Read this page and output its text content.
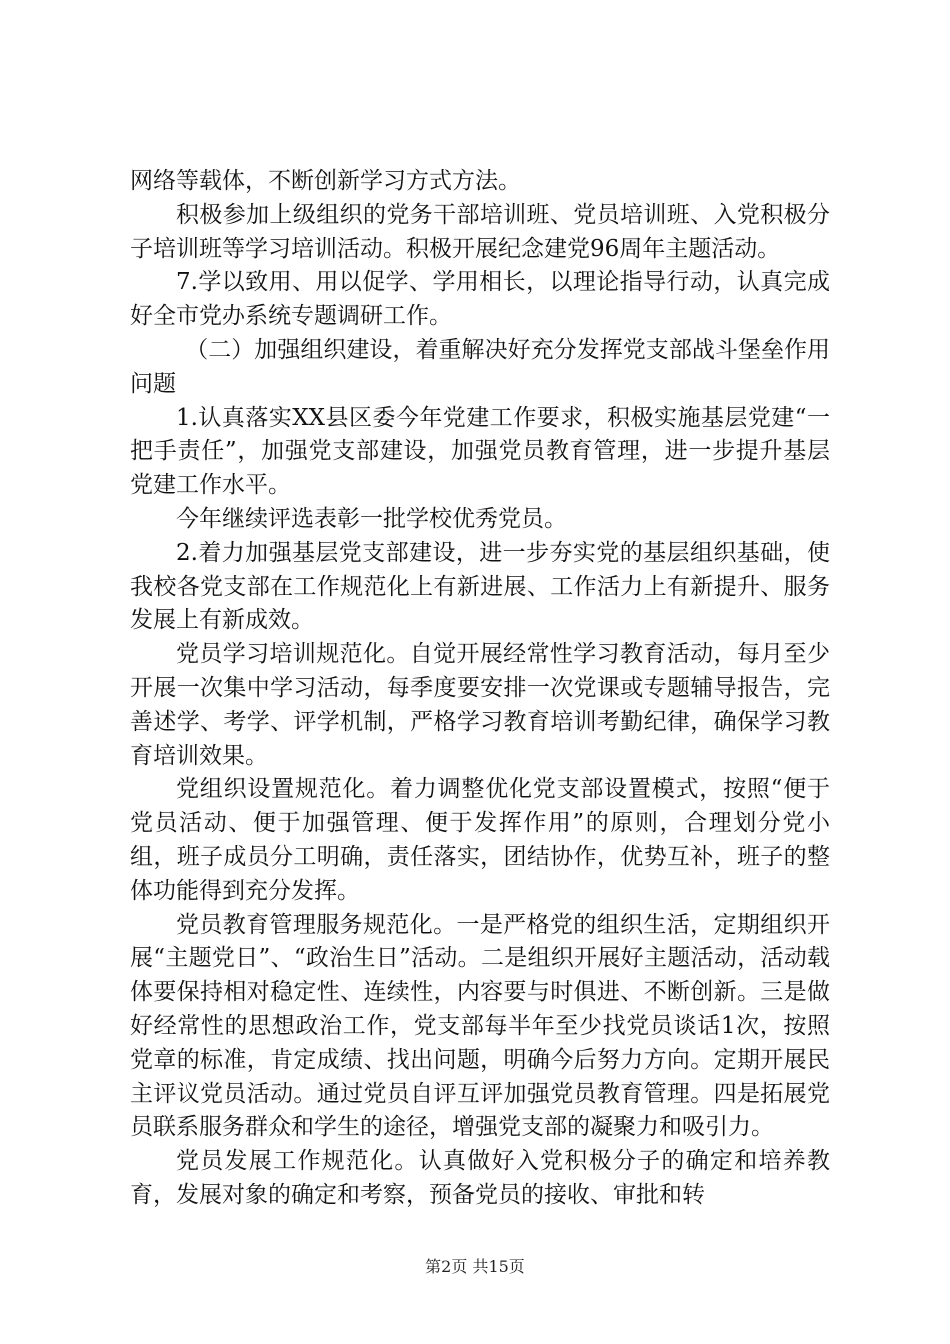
网络等载体，不断创新学习方式方法。

积极参加上级组织的党务干部培训班、党员培训班、入党积极分子培训班等学习培训活动。积极开展纪念建党96周年主题活动。

7.学以致用、用以促学、学用相长，以理论指导行动，认真完成好全市党办系统专题调研工作。

（二）加强组织建设，着重解决好充分发挥党支部战斗堡垒作用问题

1.认真落实XX县区委今年党建工作要求，积极实施基层党建“一把手责任”，加强党支部建设，加强党员教育管理，进一步提升基层党建工作水平。

今年继续评选表彰一批学校优秀党员。

2.着力加强基层党支部建设，进一步夯实党的基层组织基础，使我校各党支部在工作规范化上有新进展、工作活力上有新提升、服务发展上有新成效。

党员学习培训规范化。自觉开展经常性学习教育活动，每月至少开展一次集中学习活动，每季度要安排一次党课或专题辅导报告，完善述学、考学、评学机制，严格学习教育培训考勤纪律，确保学习教育培训效果。

党组织设置规范化。着力调整优化党支部设置模式，按照“便于党员活动、便于加强管理、便于发挥作用”的原则，合理划分党小组，班子成员分工明确，责任落实，团结协作，优势互补，班子的整体功能得到充分发挥。

党员教育管理服务规范化。一是严格党的组织生活，定期组织开展“主题党日”、“政治生日”活动。二是组织开展好主题活动，活动载体要保持相对稳定性、连续性，内容要与时俱进、不断创新。三是做好经常性的思想政治工作，党支部每半年至少找党员谈话1次，按照党章的标准，肯定成绩、找出问题，明确今后努力方向。定期开展民主评议党员活动。通过党员自评互评加强党员教育管理。四是拓展党员联系服务群众和学生的途径，增强党支部的凝聚力和吸引力。

党员发展工作规范化。认真做好入党积极分子的确定和培养教育，发展对象的确定和考察，预备党员的接收、审批和转

第2页 共15页
